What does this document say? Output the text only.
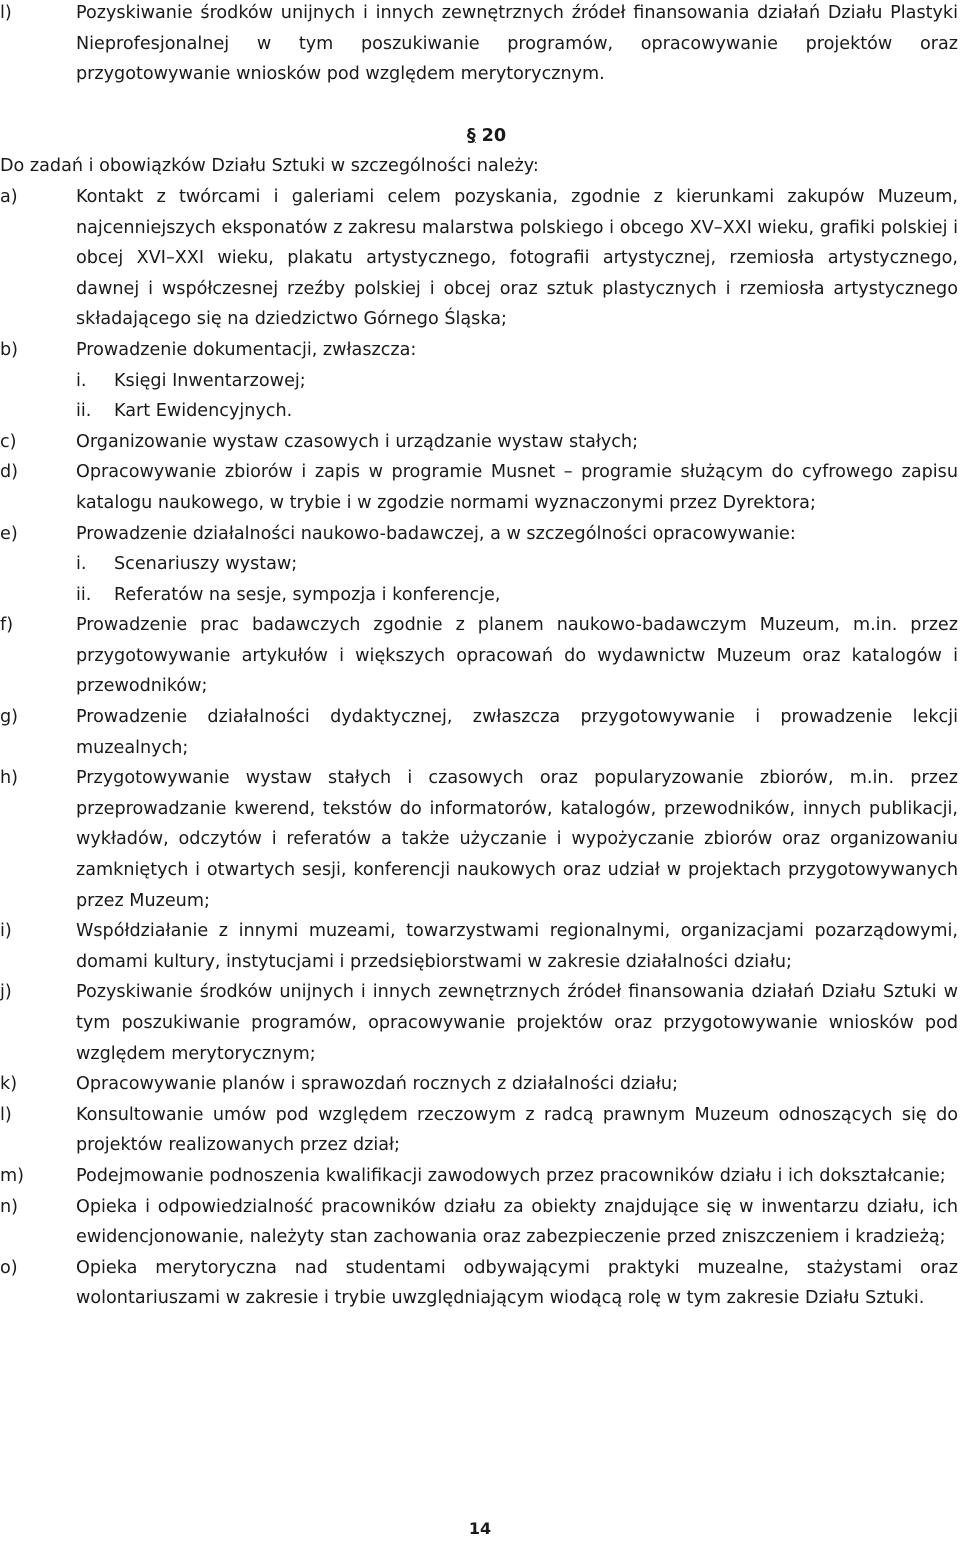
l)	Pozyskiwanie środków unijnych i innych zewnętrznych źródeł finansowania działań Działu Plastyki Nieprofesjonalnej w tym poszukiwanie programów, opracowywanie projektów oraz przygotowywanie wniosków pod względem merytorycznym.
§ 20
Do zadań i obowiązków Działu Sztuki w szczególności należy:
a)	Kontakt z twórcami i galeriami celem pozyskania, zgodnie z kierunkami zakupów Muzeum, najcenniejszych eksponatów z zakresu malarstwa polskiego i obcego XV–XXI wieku, grafiki polskiej i obcej XVI–XXI wieku, plakatu artystycznego, fotografii artystycznej, rzemiosła artystycznego, dawnej i współczesnej rzeźby polskiej i obcej oraz sztuk plastycznych i rzemiosła artystycznego składającego się na dziedzictwo Górnego Śląska;
b)	Prowadzenie dokumentacji, zwłaszcza:
i. Księgi Inwentarzowej;
ii. Kart Ewidencyjnych.
c)	Organizowanie wystaw czasowych i urządzanie wystaw stałych;
d)	Opracowywanie zbiorów i zapis w programie Musnet – programie służącym do cyfrowego zapisu katalogu naukowego, w trybie i w zgodzie normami wyznaczonymi przez Dyrektora;
e)	Prowadzenie działalności naukowo-badawczej, a w szczególności opracowywanie:
i. Scenariuszy wystaw;
ii. Referatów na sesje, sympozja i konferencje,
f)	Prowadzenie prac badawczych zgodnie z planem naukowo-badawczym Muzeum, m.in. przez przygotowywanie artykułów i większych opracowań do wydawnictw Muzeum oraz katalogów i przewodników;
g)	Prowadzenie działalności dydaktycznej, zwłaszcza przygotowywanie i prowadzenie lekcji muzealnych;
h)	Przygotowywanie wystaw stałych i czasowych oraz popularyzowanie zbiorów, m.in. przez przeprowadzanie kwerend, tekstów do informatorów, katalogów, przewodników, innych publikacji, wykładów, odczytów i referatów a także użyczanie i wypożyczanie zbiorów oraz organizowaniu zamkniętych i otwartych sesji, konferencji naukowych oraz udział w projektach przygotowywanych przez Muzeum;
i)	Współdziałanie z innymi muzeami, towarzystwami regionalnymi, organizacjami pozarządowymi, domami kultury, instytucjami i przedsiębiorstwami w zakresie działalności działu;
j)	Pozyskiwanie środków unijnych i innych zewnętrznych źródeł finansowania działań Działu Sztuki w tym poszukiwanie programów, opracowywanie projektów oraz przygotowywanie wniosków pod względem merytorycznym;
k)	Opracowywanie planów i sprawozdań rocznych z działalności działu;
l)	Konsultowanie umów pod względem rzeczowym z radcą prawnym Muzeum odnoszących się do projektów realizowanych przez dział;
m)	Podejmowanie podnoszenia kwalifikacji zawodowych przez pracowników działu i ich dokształcanie;
n)	Opieka i odpowiedzialność pracowników działu za obiekty znajdujące się w inwentarzu działu, ich ewidencjonowanie, należyty stan zachowania oraz zabezpieczenie przed zniszczeniem i kradzieżą;
o)	Opieka merytoryczna nad studentami odbywającymi praktyki muzealne, stażystami oraz wolontariuszami w zakresie i trybie uwzględniającym wiodącą rolę w tym zakresie Działu Sztuki.
14
